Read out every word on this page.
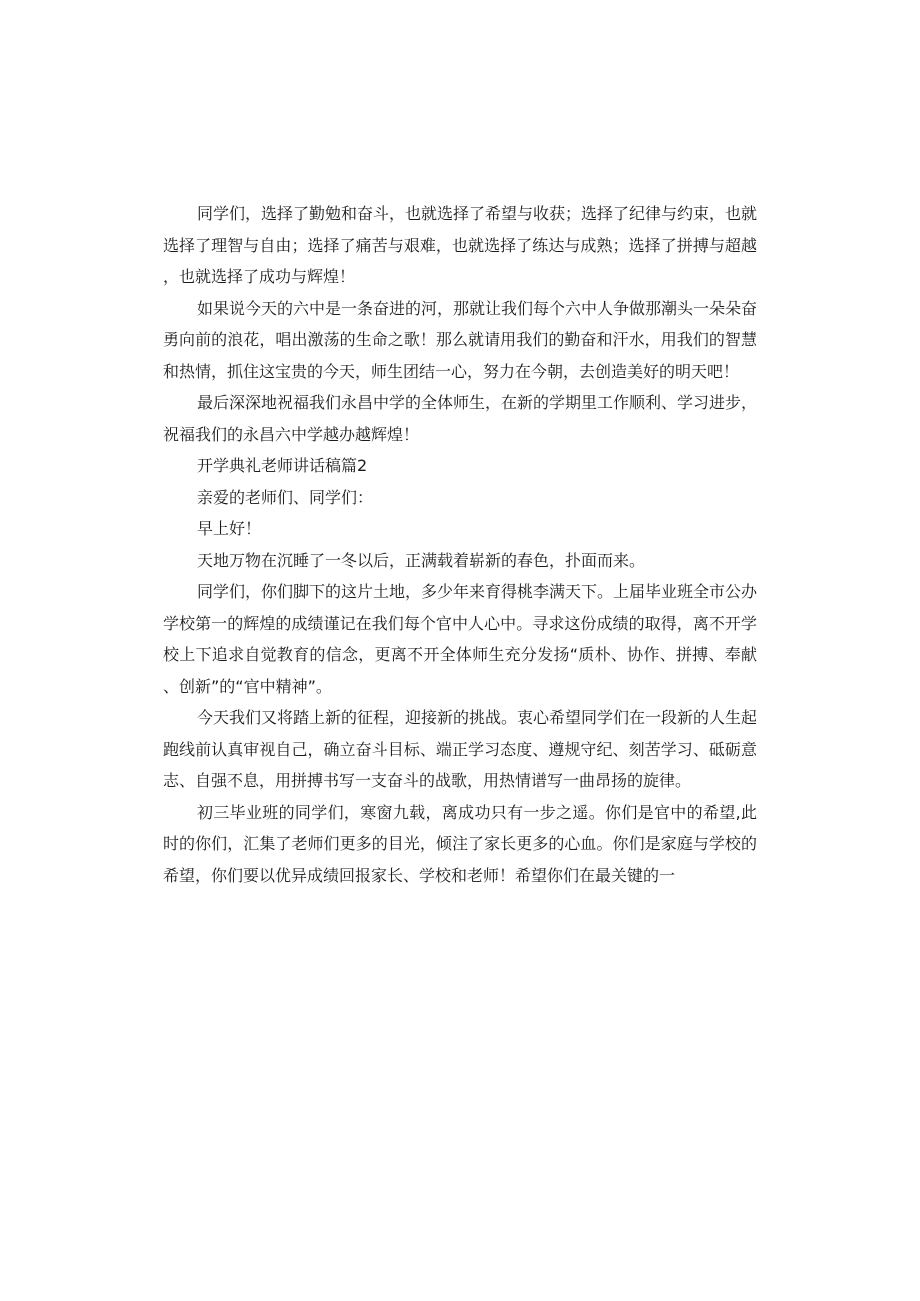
同学们，选择了勤勉和奋斗，也就选择了希望与收获；选择了纪律与约束，也就选择了理智与自由；选择了痛苦与艰难，也就选择了练达与成熟；选择了拼搏与超越，也就选择了成功与辉煌！

如果说今天的六中是一条奋进的河，那就让我们每个六中人争做那潮头一朵朵奋勇向前的浪花，唱出激荡的生命之歌！那么就请用我们的勤奋和汗水，用我们的智慧和热情，抓住这宝贵的今天，师生团结一心，努力在今朝，去创造美好的明天吧！

最后深深地祝福我们永昌中学的全体师生，在新的学期里工作顺利、学习进步，祝福我们的永昌六中学越办越辉煌！

开学典礼老师讲话稿篇2

亲爱的老师们、同学们：

早上好！

天地万物在沉睡了一冬以后，正满载着崭新的春色，扑面而来。

同学们，你们脚下的这片土地，多少年来育得桃李满天下。上届毕业班全市公办学校第一的辉煌的成绩谨记在我们每个官中人心中。寻求这份成绩的取得，离不开学校上下追求自觉教育的信念，更离不开全体师生充分发扬“质朴、协作、拼搏、奉献、创新”的“官中精神”。

今天我们又将踏上新的征程，迎接新的挑战。衷心希望同学们在一段新的人生起跑线前认真审视自己，确立奋斗目标、端正学习态度、遵规守纪、刻苦学习、砥砺意志、自强不息，用拼搏书写一支奋斗的战歌，用热情谱写一曲昂扬的旋律。

初三毕业班的同学们，寒窗九载，离成功只有一步之遥。你们是官中的希望,此时的你们，汇集了老师们更多的目光，倾注了家长更多的心血。你们是家庭与学校的希望，你们要以优异成绩回报家长、学校和老师！希望你们在最关键的一
